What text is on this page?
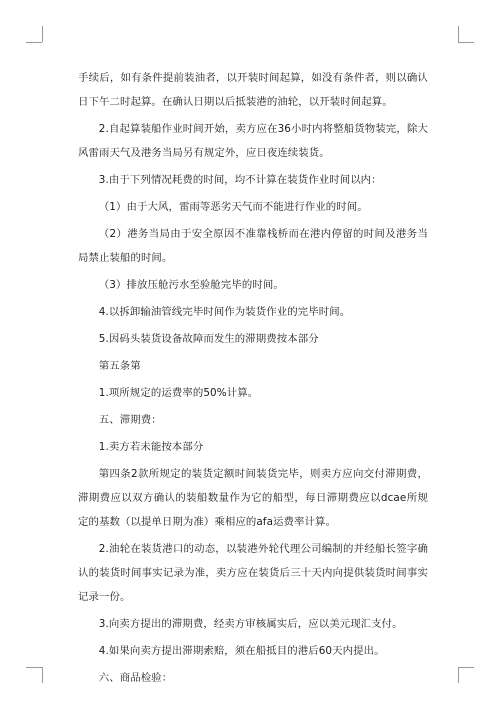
手续后，如有条件提前装油者，以开装时间起算，如没有条件者，则以确认日下午二时起算。在确认日期以后抵装港的油轮，以开装时间起算。

2.自起算装船作业时间开始，卖方应在36小时内将整船货物装完，除大风雷雨天气及港务当局另有规定外，应日夜连续装货。

3.由于下列情况耗费的时间，均不计算在装货作业时间以内：

（1）由于大风，雷雨等恶劣天气而不能进行作业的时间。

（2）港务当局由于安全原因不准靠栈桥而在港内停留的时间及港务当局禁止装船的时间。

（3）排放压舱污水至验舱完毕的时间。

4.以拆卸输油管线完毕时间作为装货作业的完毕时间。

5.因码头装货设备故障而发生的滞期费按本部分

第五条第

1.项所规定的运费率的50%计算。

五、滞期费：

1.卖方若未能按本部分

第四条2款所规定的装货定额时间装货完毕，则卖方应向交付滞期费，滞期费应以双方确认的装船数量作为它的船型，每日滞期费应以dcae所规定的基数（以提单日期为准）乘相应的afa运费率计算。

2.油轮在装货港口的动态，以装港外轮代理公司编制的并经船长签字确认的装货时间事实记录为准，卖方应在装货后三十天内向提供装货时间事实记录一份。

3.向卖方提出的滞期费，经卖方审核属实后，应以美元现汇支付。

4.如果向卖方提出滞期索赔，须在船抵目的港后60天内提出。

六、商品检验：
